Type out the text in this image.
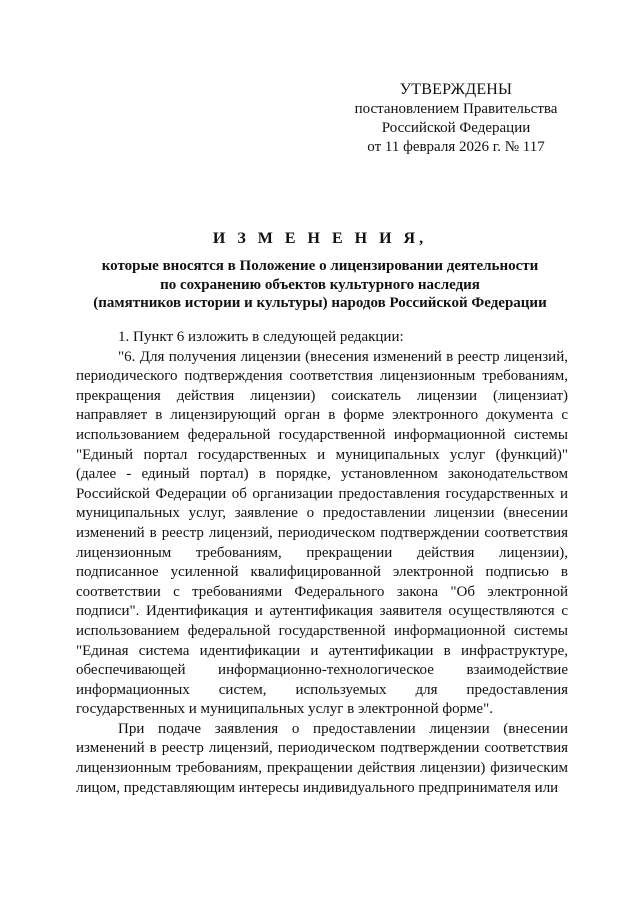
УТВЕРЖДЕНЫ
постановлением Правительства
Российской Федерации
от 11 февраля 2026 г. № 117
И З М Е Н Е Н И Я,
которые вносятся в Положение о лицензировании деятельности
по сохранению объектов культурного наследия
(памятников истории и культуры) народов Российской Федерации

1. Пункт 6 изложить в следующей редакции:

"6. Для получения лицензии (внесения изменений в реестр лицензий, периодического подтверждения соответствия лицензионным требованиям, прекращения действия лицензии) соискатель лицензии (лицензиат) направляет в лицензирующий орган в форме электронного документа с использованием федеральной государственной информационной системы "Единый портал государственных и муниципальных услуг (функций)" (далее - единый портал) в порядке, установленном законодательством Российской Федерации об организации предоставления государственных и муниципальных услуг, заявление о предоставлении лицензии (внесении изменений в реестр лицензий, периодическом подтверждении соответствия лицензионным требованиям, прекращении действия лицензии), подписанное усиленной квалифицированной электронной подписью в соответствии с требованиями Федерального закона "Об электронной подписи". Идентификация и аутентификация заявителя осуществляются с использованием федеральной государственной информационной системы "Единая система идентификации и аутентификации в инфраструктуре, обеспечивающей информационно-технологическое взаимодействие информационных систем, используемых для предоставления государственных и муниципальных услуг в электронной форме".

При подаче заявления о предоставлении лицензии (внесении изменений в реестр лицензий, периодическом подтверждении соответствия лицензионным требованиям, прекращении действия лицензии) физическим лицом, представляющим интересы индивидуального предпринимателя или
